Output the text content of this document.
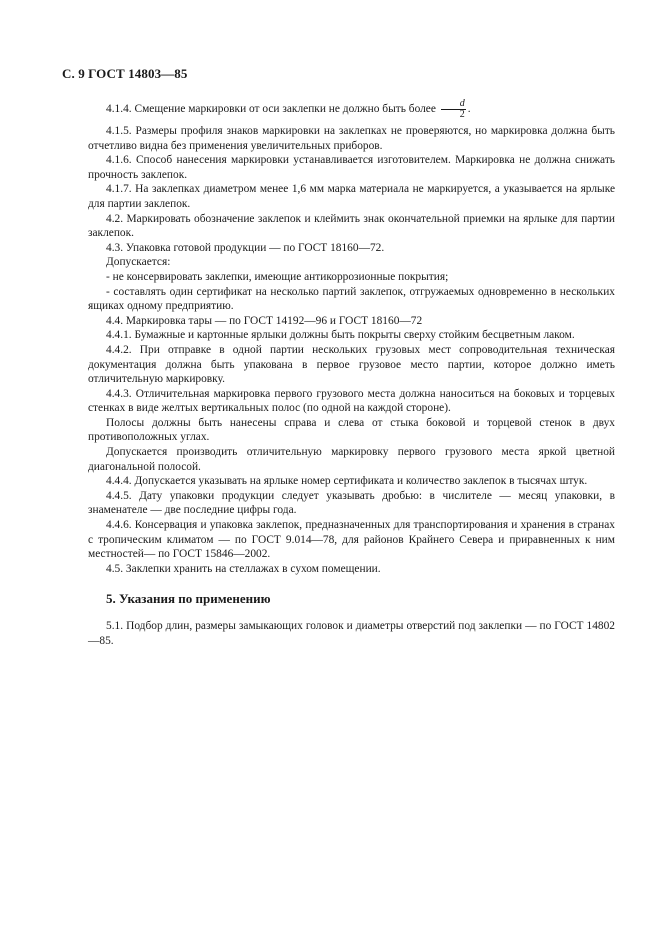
С. 9 ГОСТ 14803—85

4.1.4. Смещение маркировки от оси заклепки не должно быть более $\frac{d}{2}$ .

4.1.5. Размеры профиля знаков маркировки на заклепках не проверяются, но маркировка должна быть отчетливо видна без применения увеличительных приборов.

4.1.6. Способ нанесения маркировки устанавливается изготовителем. Маркировка не должна снижать прочность заклепок.

4.1.7. На заклепках диаметром менее 1,6 мм марка материала не маркируется, а указывается на ярлыке для партии заклепок.

4.2. Маркировать обозначение заклепок и клеймить знак окончательной приемки на ярлыке для партии заклепок.

4.3. Упаковка готовой продукции — по ГОСТ 18160—72.

Допускается:

- не консервировать заклепки, имеющие антикоррозионные покрытия;

- составлять один сертификат на несколько партий заклепок, отгружаемых одновременно в нескольких ящиках одному предприятию.

4.4. Маркировка тары — по ГОСТ 14192—96 и ГОСТ 18160—72

4.4.1. Бумажные и картонные ярлыки должны быть покрыты сверху стойким бесцветным лаком.

4.4.2. При отправке в одной партии нескольких грузовых мест сопроводительная техническая документация должна быть упакована в первое грузовое место партии, которое должно иметь отличительную маркировку.

4.4.3. Отличительная маркировка первого грузового места должна наноситься на боковых и торцевых стенках в виде желтых вертикальных полос (по одной на каждой стороне).

Полосы должны быть нанесены справа и слева от стыка боковой и торцевой стенок в двух противоположных углах.

Допускается производить отличительную маркировку первого грузового места яркой цветной диагональной полосой.

4.4.4. Допускается указывать на ярлыке номер сертификата и количество заклепок в тысячах штук.

4.4.5. Дату упаковки продукции следует указывать дробью: в числителе — месяц упаковки, в знаменателе — две последние цифры года.

4.4.6. Консервация и упаковка заклепок, предназначенных для транспортирования и хранения в странах с тропическим климатом — по ГОСТ 9.014—78, для районов Крайнего Севера и приравненных к ним местностей— по ГОСТ 15846—2002.

4.5. Заклепки хранить на стеллажах в сухом помещении.

5. Указания по применению

5.1. Подбор длин, размеры замыкающих головок и диаметры отверстий под заклепки — по ГОСТ 14802—85.
